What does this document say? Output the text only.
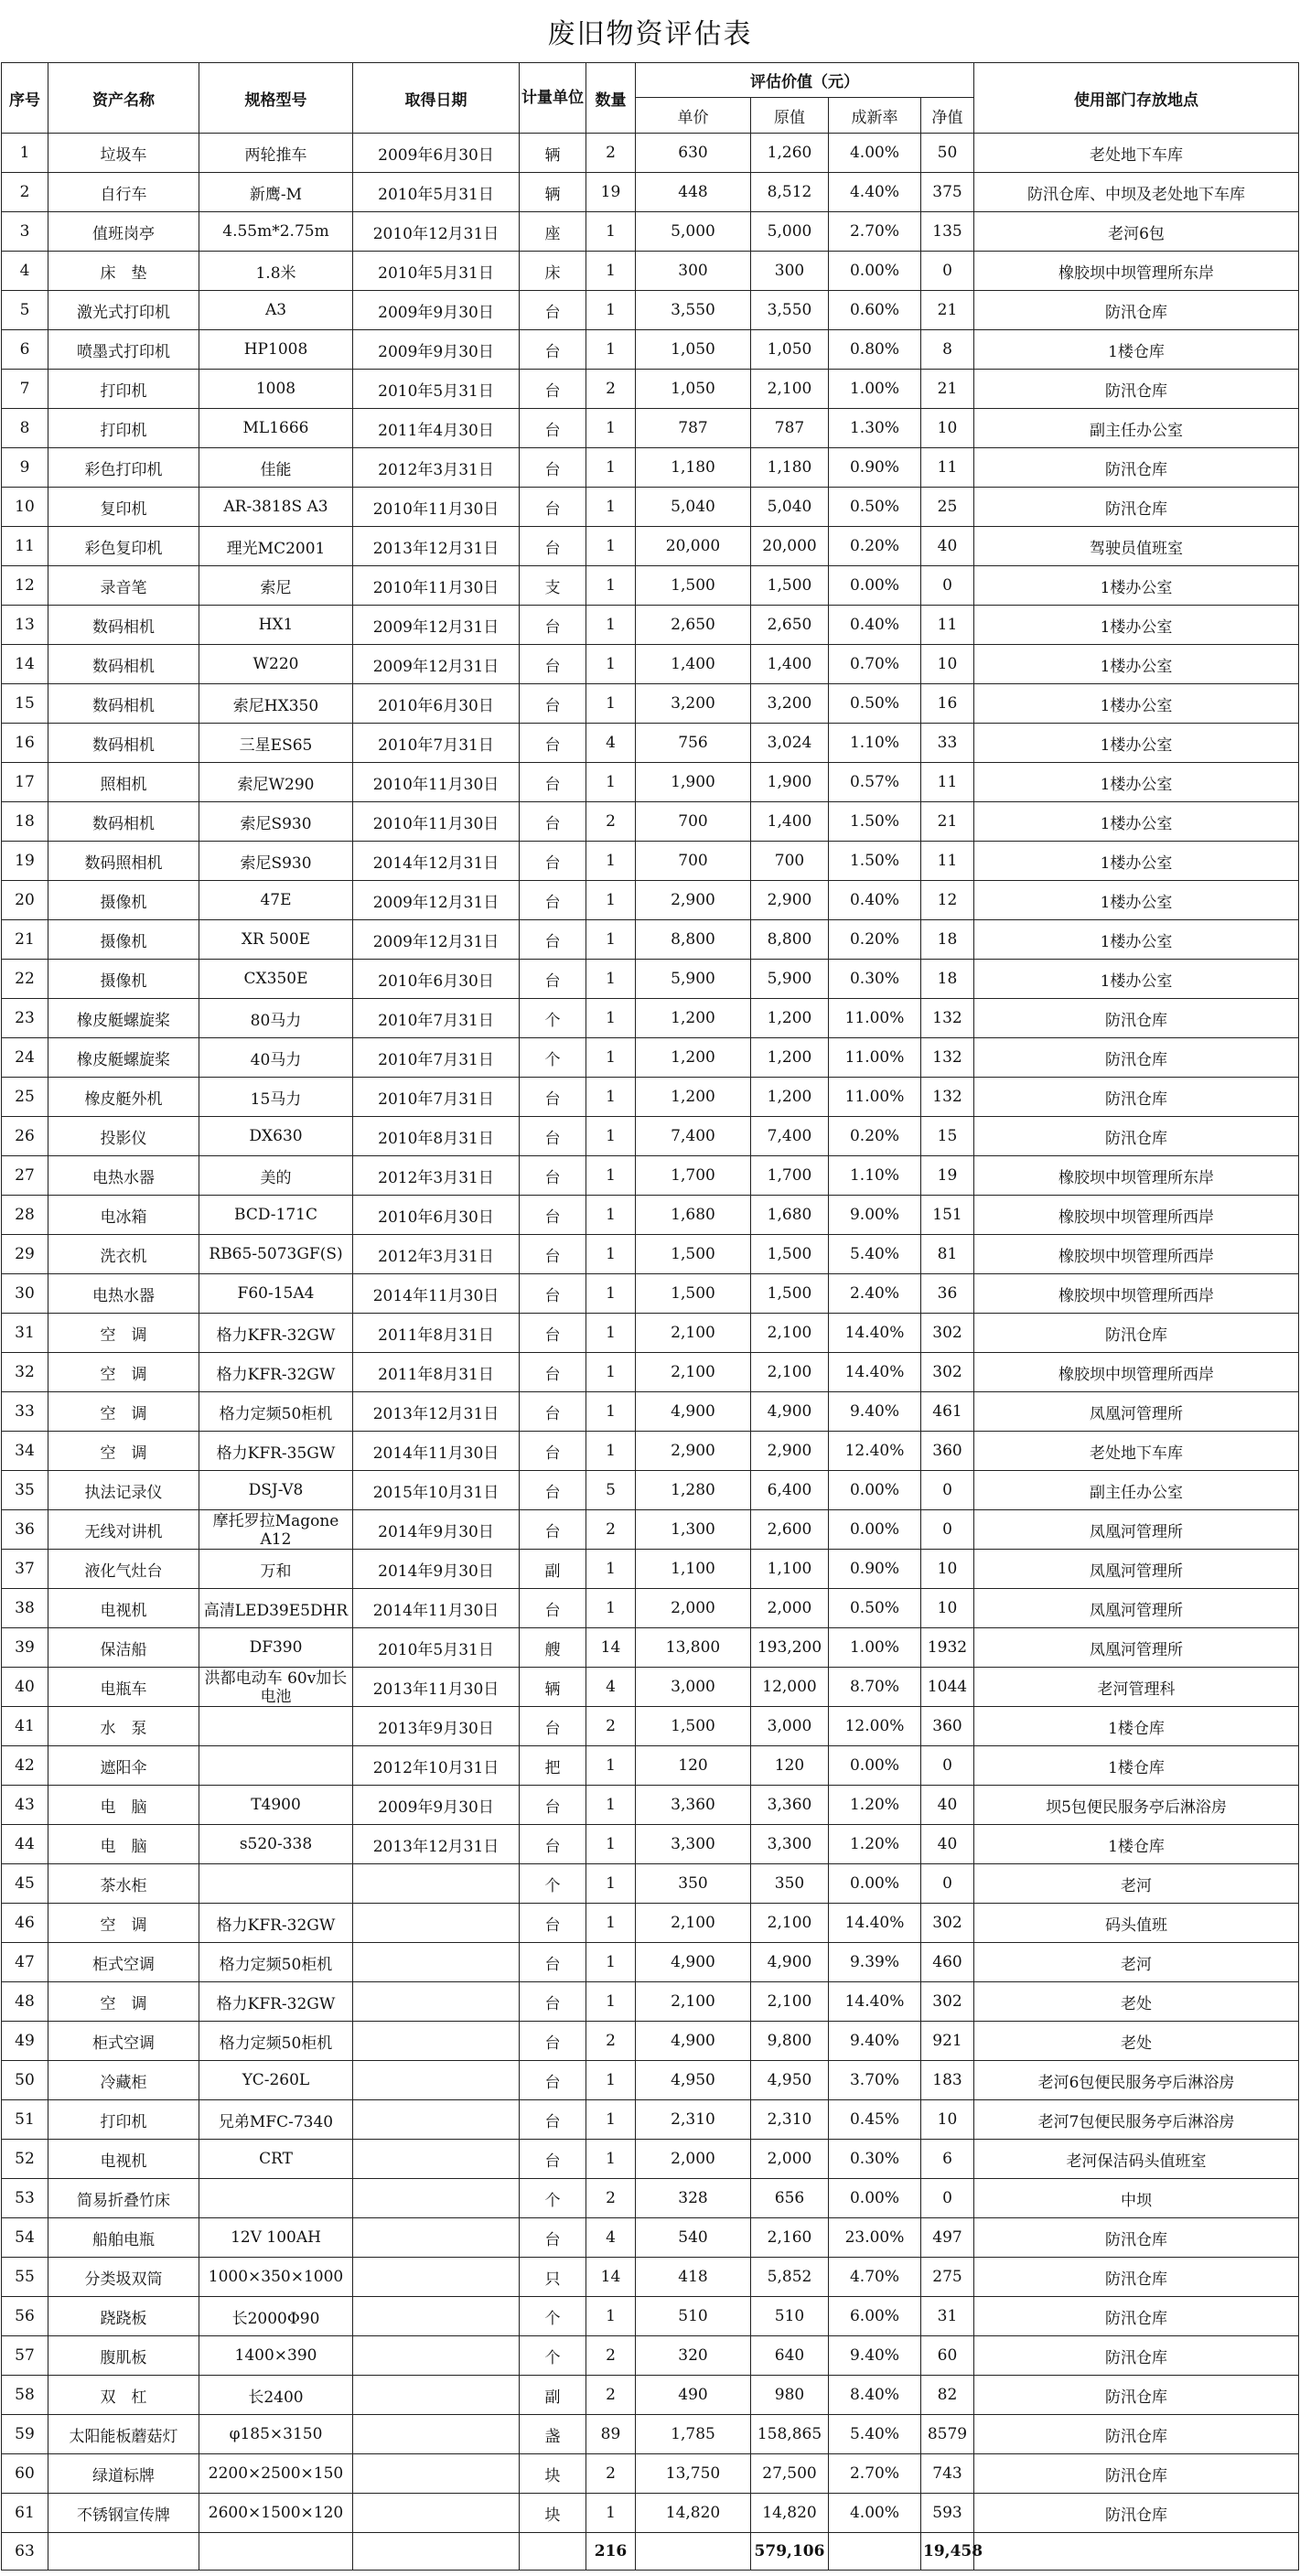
废旧物资评估表
序号	资产名称	规格型号	取得日期	计量单位	数量	评估价值（元）				使用部门存放地点
						单价	原值	成新率	净值	
1	垃圾车	两轮推车	2009年6月30日	辆	2	630	1,260	4.00%	50	老处地下车库
2	自行车	新鹰-M	2010年5月31日	辆	19	448	8,512	4.40%	375	防汛仓库、中坝及老处地下车库
3	值班岗亭	4.55m*2.75m	2010年12月31日	座	1	5,000	5,000	2.70%	135	老河6包
4	床　垫	1.8米	2010年5月31日	床	1	300	300	0.00%	0	橡胶坝中坝管理所东岸
5	激光式打印机	A3	2009年9月30日	台	1	3,550	3,550	0.60%	21	防汛仓库
6	喷墨式打印机	HP1008	2009年9月30日	台	1	1,050	1,050	0.80%	8	1楼仓库
7	打印机	1008	2010年5月31日	台	2	1,050	2,100	1.00%	21	防汛仓库
8	打印机	ML1666	2011年4月30日	台	1	787	787	1.30%	10	副主任办公室
9	彩色打印机	佳能	2012年3月31日	台	1	1,180	1,180	0.90%	11	防汛仓库
10	复印机	AR-3818S A3	2010年11月30日	台	1	5,040	5,040	0.50%	25	防汛仓库
11	彩色复印机	理光MC2001	2013年12月31日	台	1	20,000	20,000	0.20%	40	驾驶员值班室
12	录音笔	索尼	2010年11月30日	支	1	1,500	1,500	0.00%	0	1楼办公室
13	数码相机	HX1	2009年12月31日	台	1	2,650	2,650	0.40%	11	1楼办公室
14	数码相机	W220	2009年12月31日	台	1	1,400	1,400	0.70%	10	1楼办公室
15	数码相机	索尼HX350	2010年6月30日	台	1	3,200	3,200	0.50%	16	1楼办公室
16	数码相机	三星ES65	2010年7月31日	台	4	756	3,024	1.10%	33	1楼办公室
17	照相机	索尼W290	2010年11月30日	台	1	1,900	1,900	0.57%	11	1楼办公室
18	数码相机	索尼S930	2010年11月30日	台	2	700	1,400	1.50%	21	1楼办公室
19	数码照相机	索尼S930	2014年12月31日	台	1	700	700	1.50%	11	1楼办公室
20	摄像机	47E	2009年12月31日	台	1	2,900	2,900	0.40%	12	1楼办公室
21	摄像机	XR 500E	2009年12月31日	台	1	8,800	8,800	0.20%	18	1楼办公室
22	摄像机	CX350E	2010年6月30日	台	1	5,900	5,900	0.30%	18	1楼办公室
23	橡皮艇螺旋桨	80马力	2010年7月31日	个	1	1,200	1,200	11.00%	132	防汛仓库
24	橡皮艇螺旋桨	40马力	2010年7月31日	个	1	1,200	1,200	11.00%	132	防汛仓库
25	橡皮艇外机	15马力	2010年7月31日	台	1	1,200	1,200	11.00%	132	防汛仓库
26	投影仪	DX630	2010年8月31日	台	1	7,400	7,400	0.20%	15	防汛仓库
27	电热水器	美的	2012年3月31日	台	1	1,700	1,700	1.10%	19	橡胶坝中坝管理所东岸
28	电冰箱	BCD-171C	2010年6月30日	台	1	1,680	1,680	9.00%	151	橡胶坝中坝管理所西岸
29	洗衣机	RB65-5073GF(S)	2012年3月31日	台	1	1,500	1,500	5.40%	81	橡胶坝中坝管理所西岸
30	电热水器	F60-15A4	2014年11月30日	台	1	1,500	1,500	2.40%	36	橡胶坝中坝管理所西岸
31	空　调	格力KFR-32GW	2011年8月31日	台	1	2,100	2,100	14.40%	302	防汛仓库
32	空　调	格力KFR-32GW	2011年8月31日	台	1	2,100	2,100	14.40%	302	橡胶坝中坝管理所西岸
33	空　调	格力定频50柜机	2013年12月31日	台	1	4,900	4,900	9.40%	461	凤凰河管理所
34	空　调	格力KFR-35GW	2014年11月30日	台	1	2,900	2,900	12.40%	360	老处地下车库
35	执法记录仪	DSJ-V8	2015年10月31日	台	5	1,280	6,400	0.00%	0	副主任办公室
36	无线对讲机	摩托罗拉Magone A12	2014年9月30日	台	2	1,300	2,600	0.00%	0	凤凰河管理所
37	液化气灶台	万和	2014年9月30日	副	1	1,100	1,100	0.90%	10	凤凰河管理所
38	电视机	高清LED39E5DHR	2014年11月30日	台	1	2,000	2,000	0.50%	10	凤凰河管理所
39	保洁船	DF390	2010年5月31日	艘	14	13,800	193,200	1.00%	1932	凤凰河管理所
40	电瓶车	洪都电动车 60v加长 电池	2013年11月30日	辆	4	3,000	12,000	8.70%	1044	老河管理科
41	水　泵		2013年9月30日	台	2	1,500	3,000	12.00%	360	1楼仓库
42	遮阳伞		2012年10月31日	把	1	120	120	0.00%	0	1楼仓库
43	电　脑	T4900	2009年9月30日	台	1	3,360	3,360	1.20%	40	坝5包便民服务亭后淋浴房
44	电　脑	s520-338	2013年12月31日	台	1	3,300	3,300	1.20%	40	1楼仓库
45	茶水柜			个	1	350	350	0.00%	0	老河
46	空　调	格力KFR-32GW		台	1	2,100	2,100	14.40%	302	码头值班
47	柜式空调	格力定频50柜机		台	1	4,900	4,900	9.39%	460	老河
48	空　调	格力KFR-32GW		台	1	2,100	2,100	14.40%	302	老处
49	柜式空调	格力定频50柜机		台	2	4,900	9,800	9.40%	921	老处
50	冷藏柜	YC-260L		台	1	4,950	4,950	3.70%	183	老河6包便民服务亭后淋浴房
51	打印机	兄弟MFC-7340		台	1	2,310	2,310	0.45%	10	老河7包便民服务亭后淋浴房
52	电视机	CRT		台	1	2,000	2,000	0.30%	6	老河保洁码头值班室
53	简易折叠竹床			个	2	328	656	0.00%	0	中坝
54	船舶电瓶	12V 100AH		台	4	540	2,160	23.00%	497	防汛仓库
55	分类圾双筒	1000×350×1000		只	14	418	5,852	4.70%	275	防汛仓库
56	跷跷板	长2000Φ90		个	1	510	510	6.00%	31	防汛仓库
57	腹肌板	1400×390		个	2	320	640	9.40%	60	防汛仓库
58	双　杠	长2400		副	2	490	980	8.40%	82	防汛仓库
59	太阳能板蘑菇灯	φ185×3150		盏	89	1,785	158,865	5.40%	8579	防汛仓库
60	绿道标牌	2200×2500×150		块	2	13,750	27,500	2.70%	743	防汛仓库
61	不锈钢宣传牌	2600×1500×120		块	1	14,820	14,820	4.00%	593	防汛仓库
63					216		579,106		19,458	
